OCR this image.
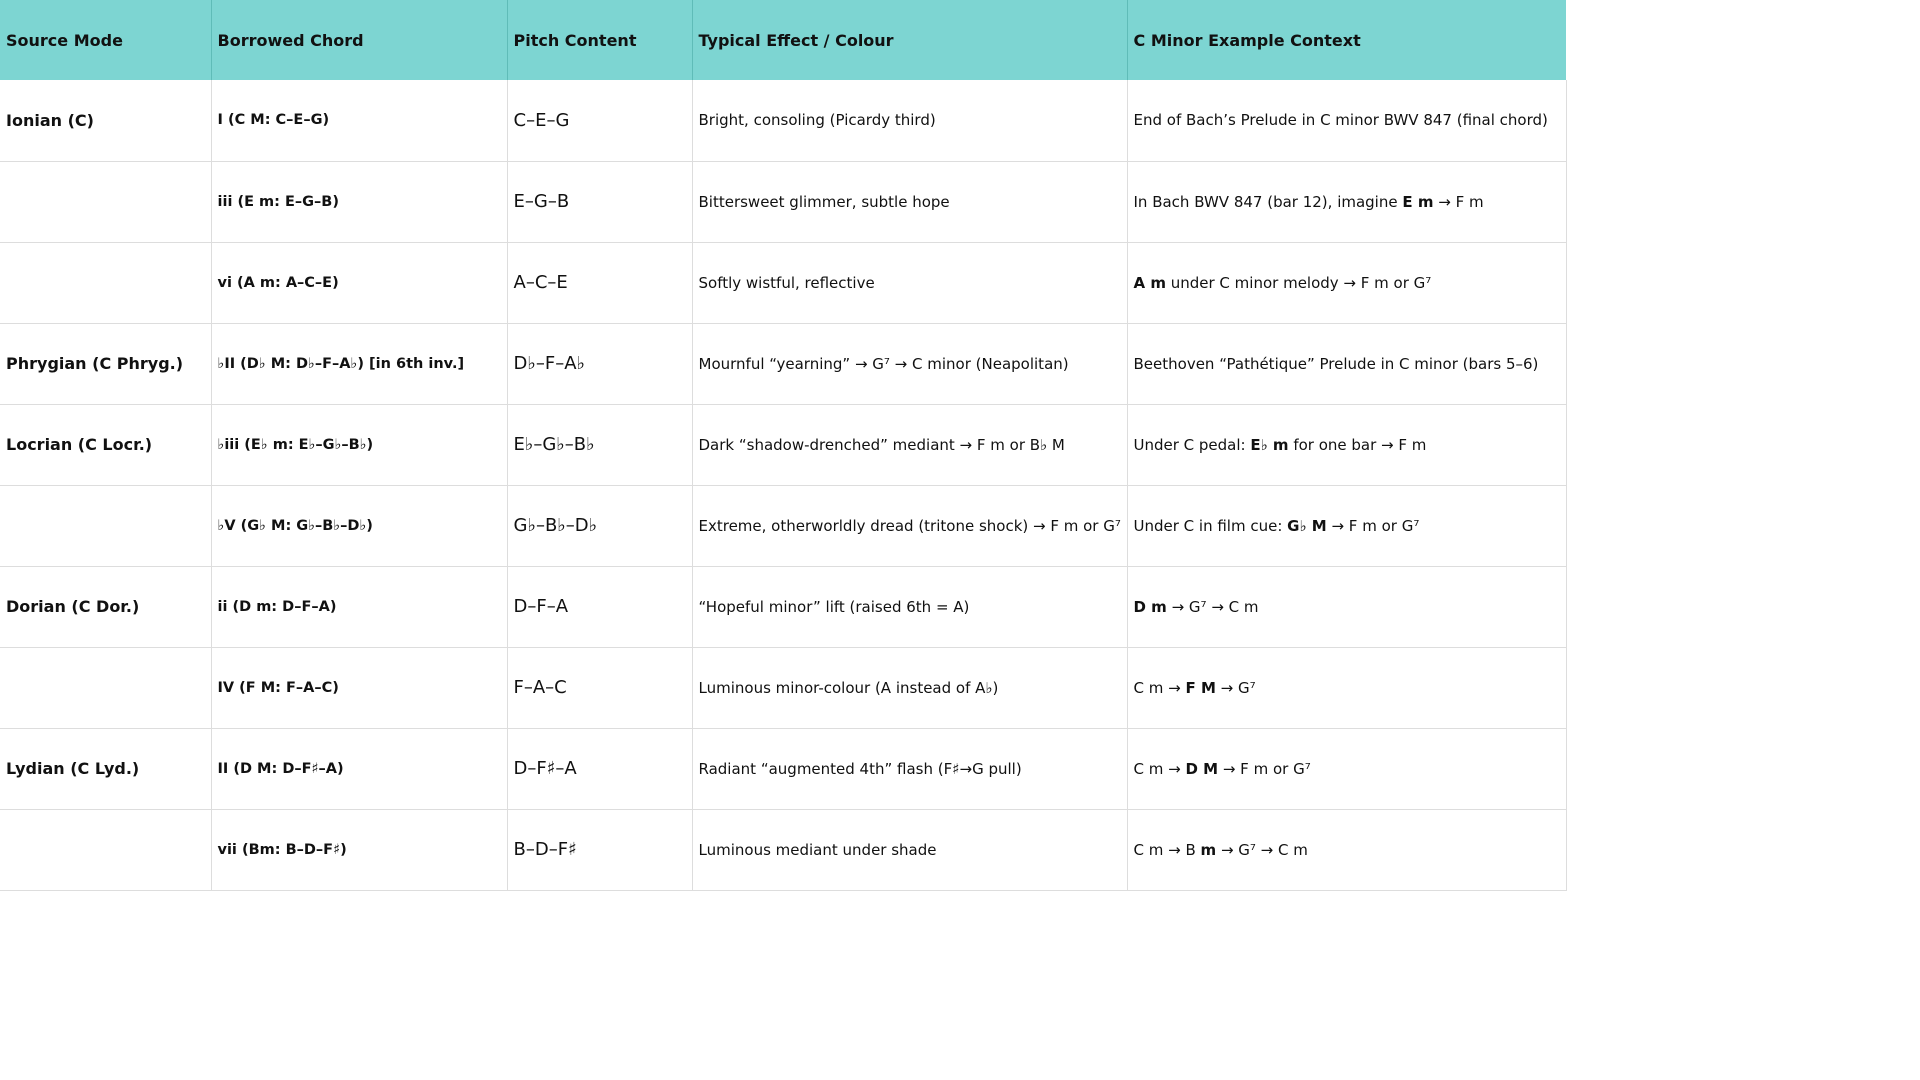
Source Mode	Borrowed Chord	Pitch Content	Typical Effect / Colour	C Minor Example Context
Ionian (C)	I (C M: C–E–G)	C–E–G	Bright, consoling (Picardy third)	End of Bach’s Prelude in C minor BWV 847 (final chord)
	iii (E m: E–G–B)	E–G–B	Bittersweet glimmer, subtle hope	In Bach BWV 847 (bar 12), imagine E m → F m
	vi (A m: A–C–E)	A–C–E	Softly wistful, reflective	A m under C minor melody → F m or G⁷
Phrygian (C Phryg.)	♭II (D♭ M: D♭–F–A♭) [in 6th inv.]	D♭–F–A♭	Mournful “yearning” → G⁷ → C minor (Neapolitan)	Beethoven “Pathétique” Prelude in C minor (bars 5–6)
Locrian (C Locr.)	♭iii (E♭ m: E♭–G♭–B♭)	E♭–G♭–B♭	Dark “shadow-drenched” mediant → F m or B♭ M	Under C pedal: E♭ m for one bar → F m
	♭V (G♭ M: G♭–B♭–D♭)	G♭–B♭–D♭	Extreme, otherworldly dread (tritone shock) → F m or G⁷	Under C in film cue: G♭ M → F m or G⁷
Dorian (C Dor.)	ii (D m: D–F–A)	D–F–A	“Hopeful minor” lift (raised 6th = A)	D m → G⁷ → C m
	IV (F M: F–A–C)	F–A–C	Luminous minor-colour (A instead of A♭)	C m → F M → G⁷
Lydian (C Lyd.)	II (D M: D–F♯–A)	D–F♯–A	Radiant “augmented 4th” flash (F♯→G pull)	C m → D M → F m or G⁷
	vii (Bm: B–D–F♯)	B–D–F♯	Luminous mediant under shade	C m → B m → G⁷ → C m
